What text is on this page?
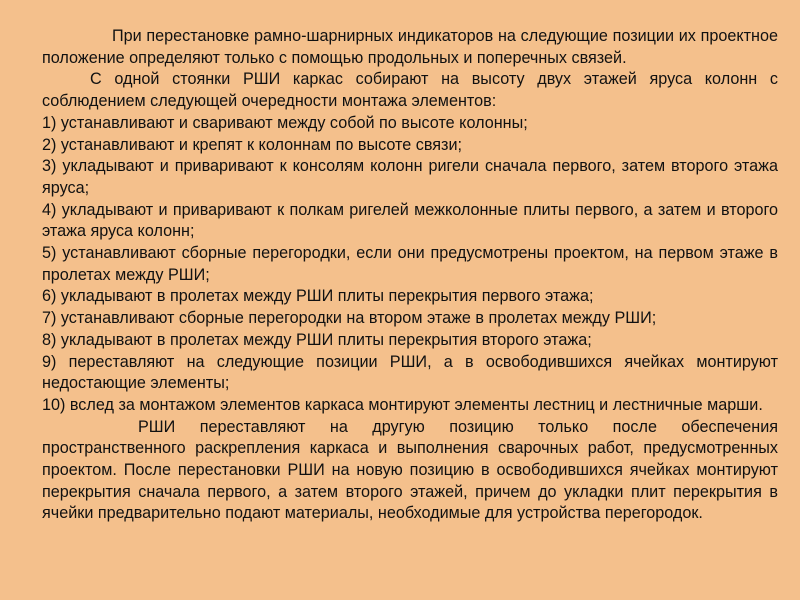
При перестановке рамно-шарнирных индикаторов на следующие позиции их проектное положение определяют только с помощью продольных и поперечных связей.

С одной стоянки РШИ каркас собирают на высоту двух этажей яруса колонн с соблюдением следующей очередности монтажа элементов:

1) устанавливают и сваривают между собой по высоте колонны;

2) устанавливают и крепят к колоннам по высоте связи;

3) укладывают и приваривают к консолям колонн ригели сначала первого, затем второго этажа яруса;

4) укладывают и приваривают к полкам ригелей межколонные плиты первого, а затем и второго этажа яруса колонн;

5) устанавливают сборные перегородки, если они предусмотрены проектом, на первом этаже в пролетах между РШИ;

6) укладывают в пролетах между РШИ плиты перекрытия первого этажа;

7) устанавливают сборные перегородки на втором этаже в пролетах между РШИ;

8) укладывают в пролетах между РШИ плиты перекрытия второго этажа;

9) переставляют на следующие позиции РШИ, а в освободившихся ячейках монтируют недостающие элементы;

10) вслед за монтажом элементов каркаса монтируют элементы лестниц и лестничные марши.

РШИ переставляют на другую позицию только после обеспечения пространственного раскрепления каркаса и выполнения сварочных работ, предусмотренных проектом. После перестановки РШИ на новую позицию в освободившихся ячейках монтируют перекрытия сначала первого, а затем второго этажей, причем до укладки плит перекрытия в ячейки предварительно подают материалы, необходимые для устройства перегородок.
